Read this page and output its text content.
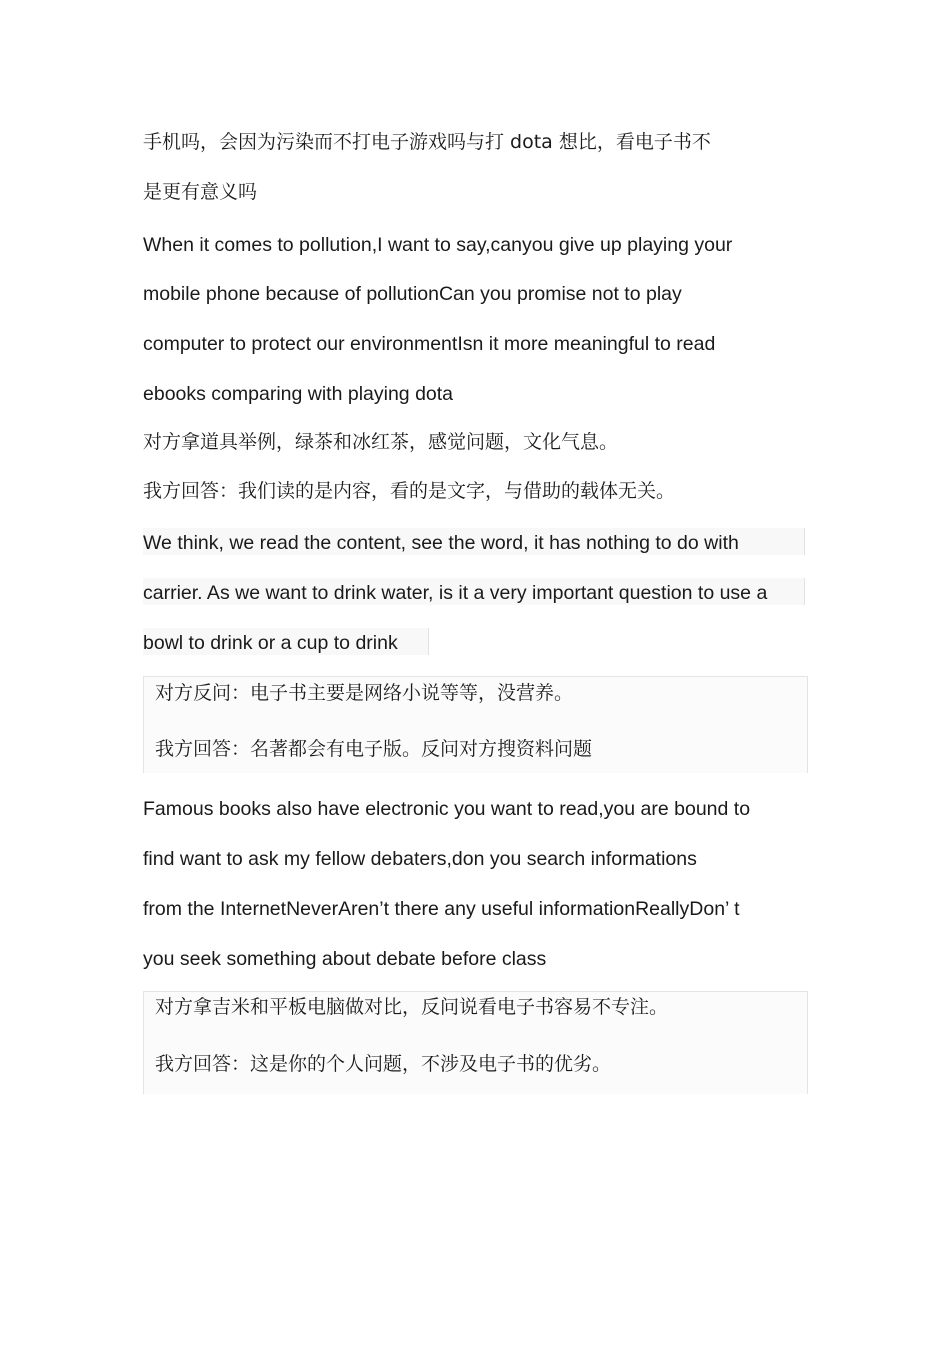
手机吗，会因为污染而不打电子游戏吗与打 dota 想比，看电子书不
是更有意义吗
When it comes to pollution,I want to say,canyou give up playing your
mobile phone because of pollutionCan you promise not to play
computer to protect our environmentIsn it more meaningful to read
ebooks comparing with playing dota
对方拿道具举例，绿茶和冰红茶，感觉问题，文化气息。
我方回答：我们读的是内容，看的是文字，与借助的载体无关。
We think, we read the content, see the word, it has nothing to do with
carrier. As we want to drink water, is it a very important question to use a
bowl to drink or a cup to drink
对方反问：电子书主要是网络小说等等，没营养。
我方回答：名著都会有电子版。反问对方搜资料问题
Famous books also have electronic you want to read,you are bound to
find want to ask my fellow debaters,don you search informations
from the InternetNeverAren’t there any useful informationReallyDon’ t
you seek something about debate before class
对方拿吉米和平板电脑做对比，反问说看电子书容易不专注。
我方回答：这是你的个人问题，不涉及电子书的优劣。
